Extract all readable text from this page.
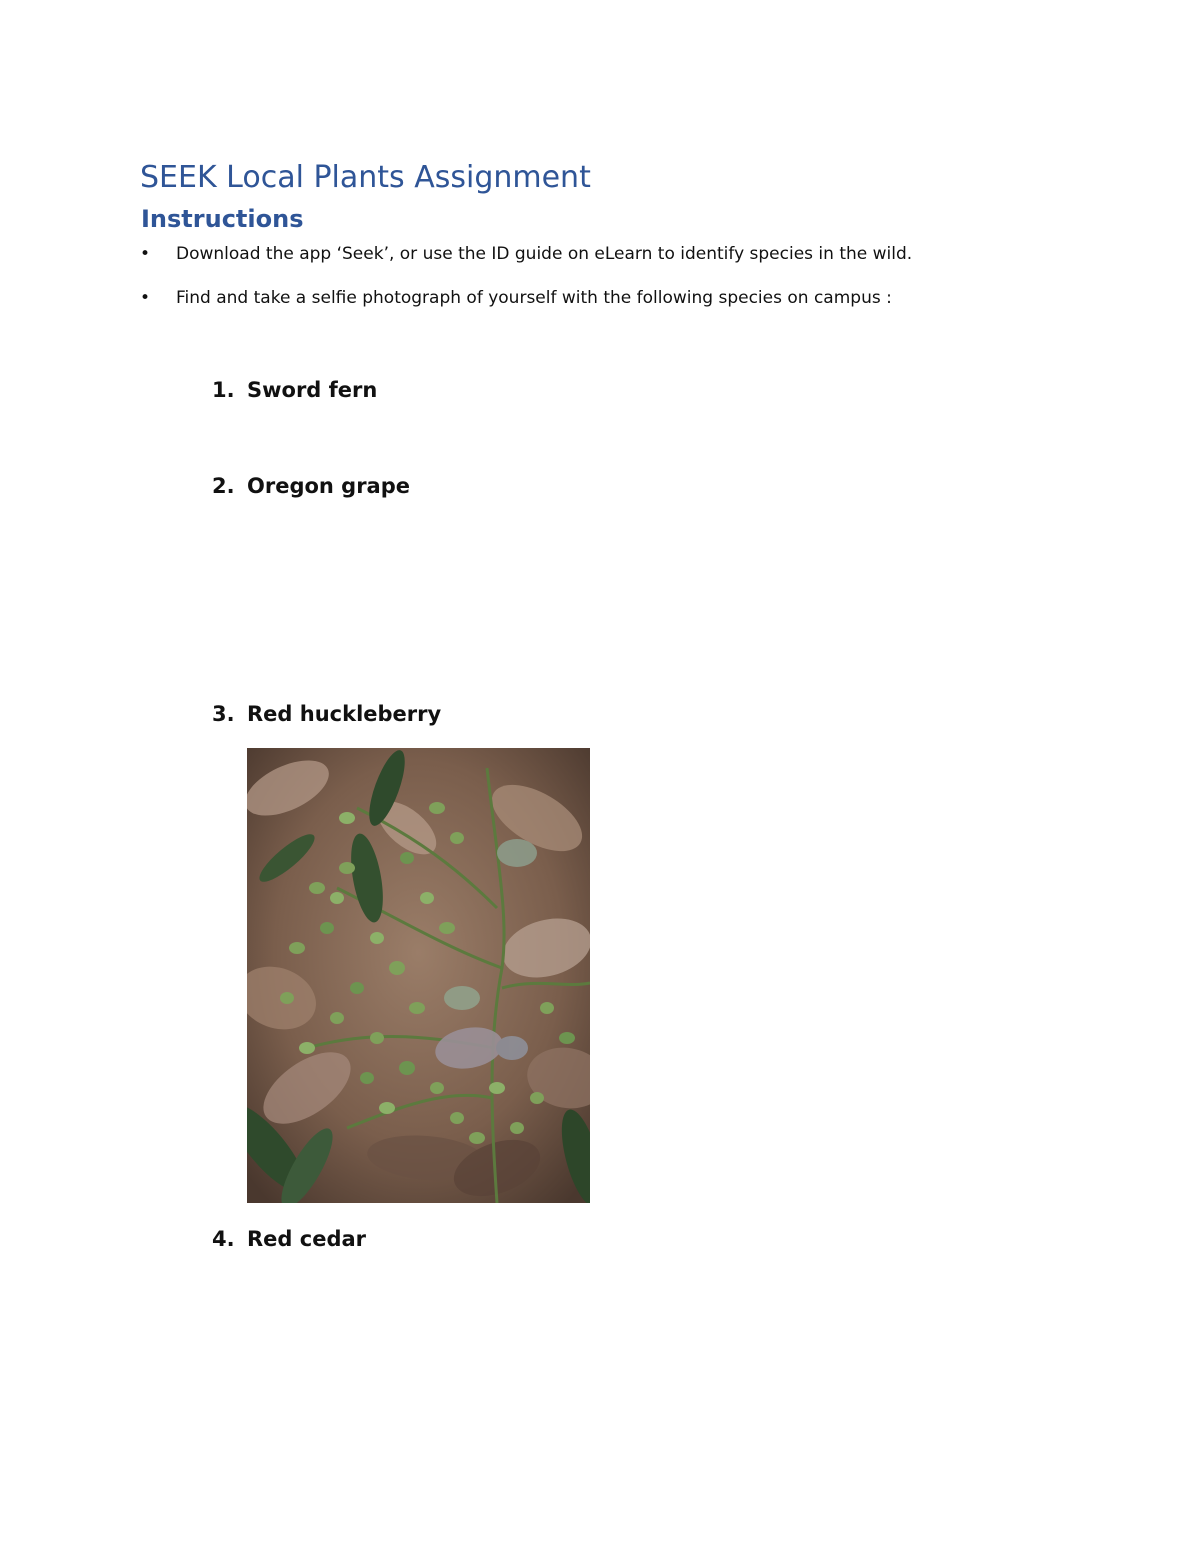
SEEK Local Plants Assignment
Instructions
• Download the app ‘Seek’, or use the ID guide on eLearn to identify species in the wild.
• Find and take a selfie photograph of yourself with the following species on campus :
1. Sword fern
2. Oregon grape
3. Red huckleberry
4. Red cedar
